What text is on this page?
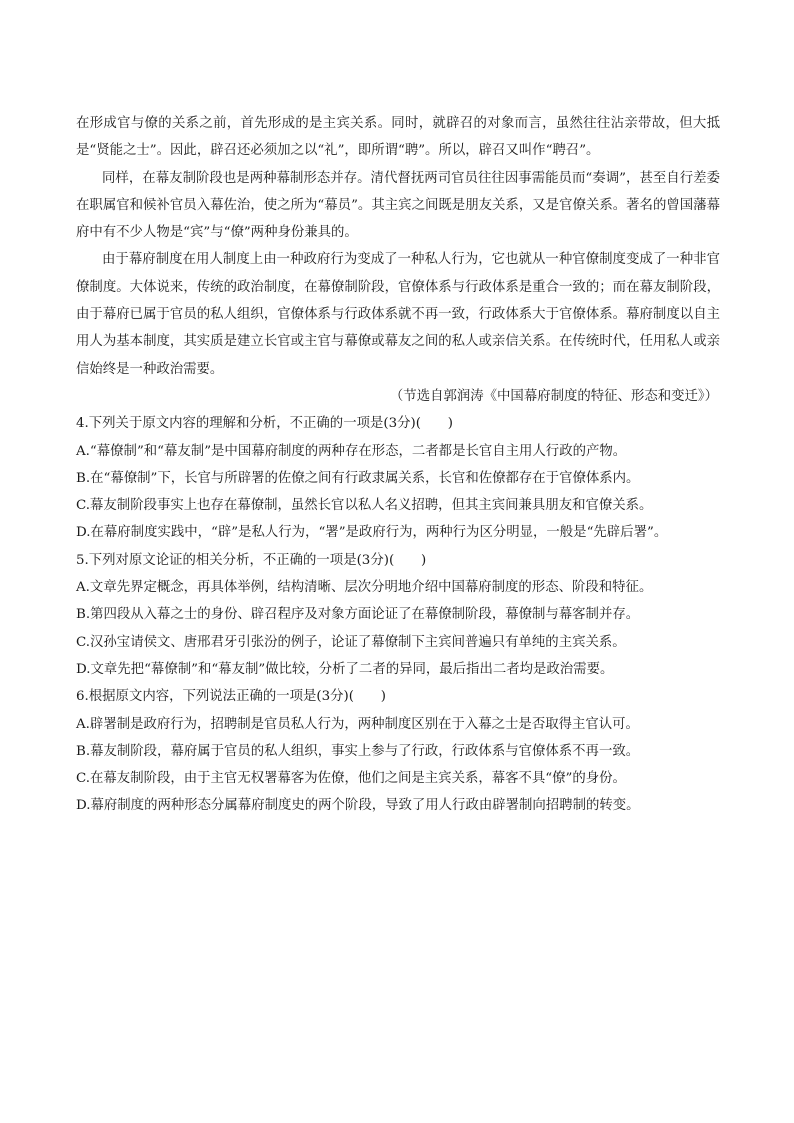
在形成官与僚的关系之前，首先形成的是主宾关系。同时，就辟召的对象而言，虽然往往沾亲带故，但大抵是“贤能之士”。因此，辟召还必须加之以“礼”，即所谓“聘”。所以，辟召又叫作“聘召”。

同样，在幕友制阶段也是两种幕制形态并存。清代督抚两司官员往往因事需能员而“奏调”，甚至自行差委在职属官和候补官员入幕佐治，使之所为“幕员”。其主宾之间既是朋友关系，又是官僚关系。著名的曾国藩幕府中有不少人物是“宾”与“僚”两种身份兼具的。

由于幕府制度在用人制度上由一种政府行为变成了一种私人行为，它也就从一种官僚制度变成了一种非官僚制度。大体说来，传统的政治制度，在幕僚制阶段，官僚体系与行政体系是重合一致的；而在幕友制阶段，由于幕府已属于官员的私人组织，官僚体系与行政体系就不再一致，行政体系大于官僚体系。幕府制度以自主用人为基本制度，其实质是建立长官或主官与幕僚或幕友之间的私人或亲信关系。在传统时代，任用私人或亲信始终是一种政治需要。

（节选自郭润涛《中国幕府制度的特征、形态和变迁》）

4.下列关于原文内容的理解和分析，不正确的一项是(3分)(　　)

A.“幕僚制”和“幕友制”是中国幕府制度的两种存在形态，二者都是长官自主用人行政的产物。

B.在“幕僚制”下，长官与所辟署的佐僚之间有行政隶属关系，长官和佐僚都存在于官僚体系内。

C.幕友制阶段事实上也存在幕僚制，虽然长官以私人名义招聘，但其主宾间兼具朋友和官僚关系。

D.在幕府制度实践中，“辟”是私人行为，“署”是政府行为，两种行为区分明显，一般是“先辟后署”。

5.下列对原文论证的相关分析，不正确的一项是(3分)(　　)

A.文章先界定概念，再具体举例，结构清晰、层次分明地介绍中国幕府制度的形态、阶段和特征。

B.第四段从入幕之士的身份、辟召程序及对象方面论证了在幕僚制阶段，幕僚制与幕客制并存。

C.汉孙宝请侯文、唐邢君牙引张汾的例子，论证了幕僚制下主宾间普遍只有单纯的主宾关系。

D.文章先把“幕僚制”和“幕友制”做比较，分析了二者的异同，最后指出二者均是政治需要。

6.根据原文内容，下列说法正确的一项是(3分)(　　)

A.辟署制是政府行为，招聘制是官员私人行为，两种制度区别在于入幕之士是否取得主官认可。

B.幕友制阶段，幕府属于官员的私人组织，事实上参与了行政，行政体系与官僚体系不再一致。

C.在幕友制阶段，由于主官无权署幕客为佐僚，他们之间是主宾关系，幕客不具“僚”的身份。

D.幕府制度的两种形态分属幕府制度史的两个阶段，导致了用人行政由辟署制向招聘制的转变。
